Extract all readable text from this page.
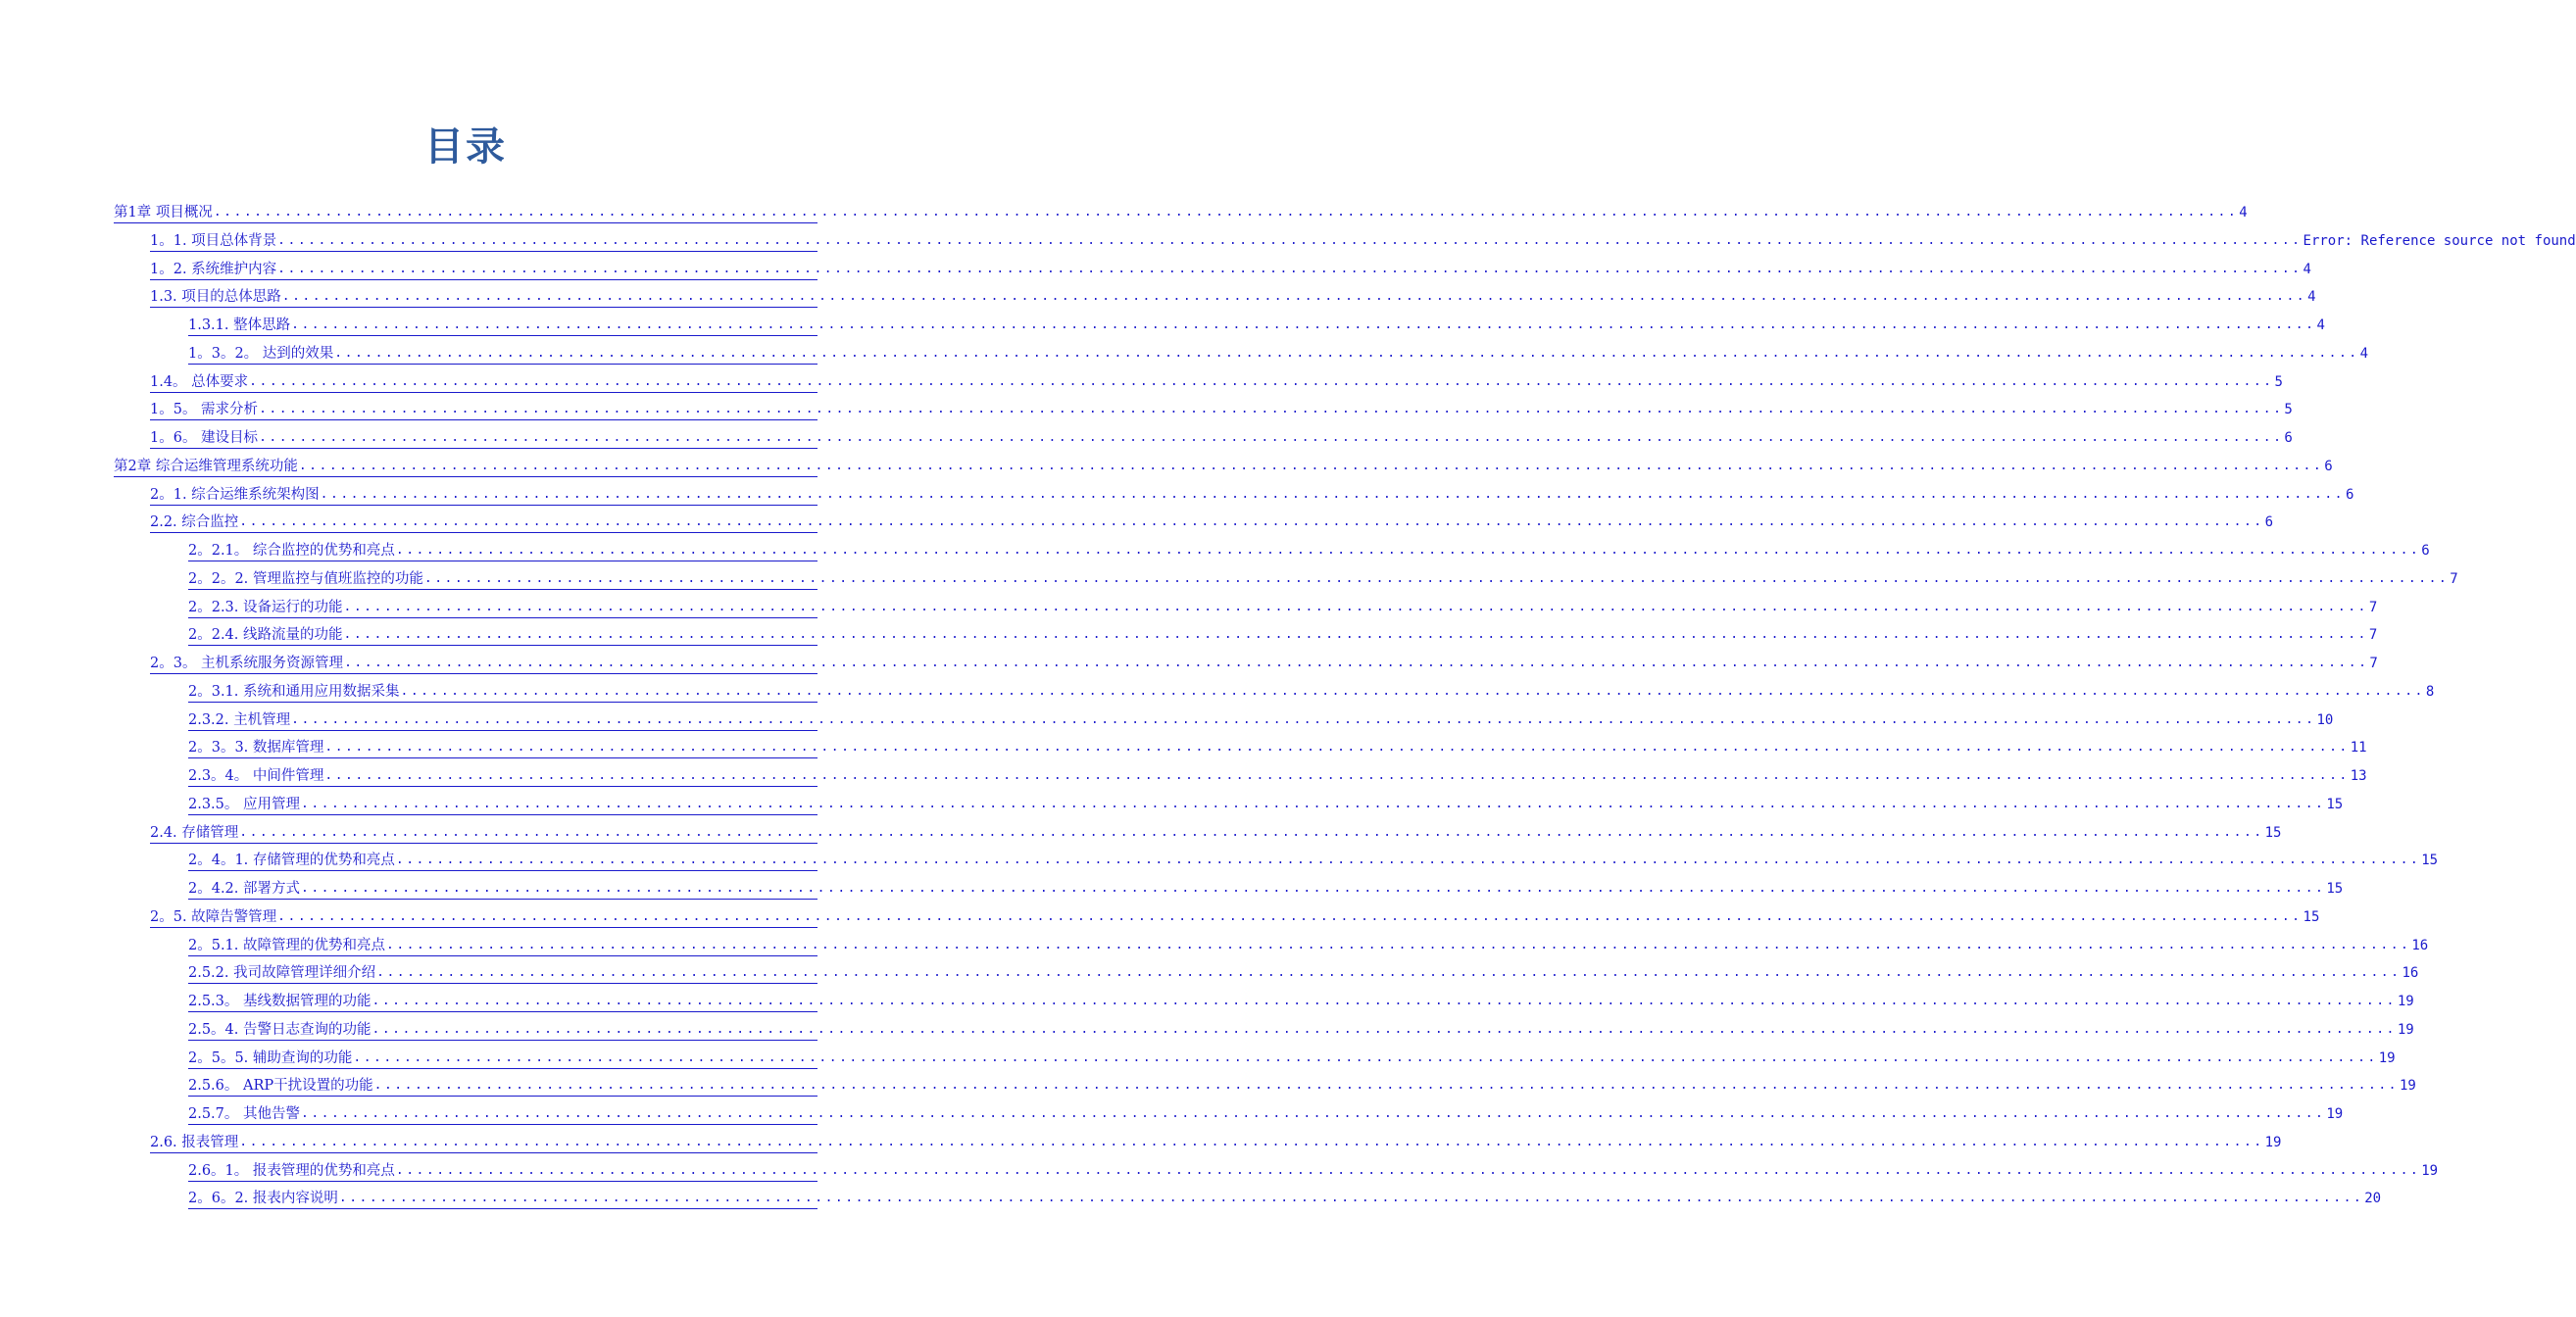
目录
第1章 项目概况 ........................................................................................................................................................................................................ 4
1。1. 项目总体背景 ........................................................................................................................................................................................................ Error: Reference source not found
1。2. 系统维护内容 ........................................................................................................................................................................................................ 4
1.3. 项目的总体思路 ........................................................................................................................................................................................................ 4
1.3.1. 整体思路 ........................................................................................................................................................................................................ 4
1。3。2。 达到的效果 ........................................................................................................................................................................................................ 4
1.4。 总体要求 ........................................................................................................................................................................................................ 5
1。5。 需求分析 ........................................................................................................................................................................................................ 5
1。6。 建设目标 ........................................................................................................................................................................................................ 6
第2章 综合运维管理系统功能 ........................................................................................................................................................................................................ 6
2。1. 综合运维系统架构图 ........................................................................................................................................................................................................ 6
2.2. 综合监控 ........................................................................................................................................................................................................ 6
2。2.1。 综合监控的优势和亮点 ........................................................................................................................................................................................................ 6
2。2。2. 管理监控与值班监控的功能 ........................................................................................................................................................................................................ 7
2。2.3. 设备运行的功能 ........................................................................................................................................................................................................ 7
2。2.4. 线路流量的功能 ........................................................................................................................................................................................................ 7
2。3。 主机系统服务资源管理 ........................................................................................................................................................................................................ 7
2。3.1. 系统和通用应用数据采集 ........................................................................................................................................................................................................ 8
2.3.2. 主机管理 ........................................................................................................................................................................................................ 10
2。3。3. 数据库管理 ........................................................................................................................................................................................................ 11
2.3。4。 中间件管理 ........................................................................................................................................................................................................ 13
2.3.5。 应用管理 ........................................................................................................................................................................................................ 15
2.4. 存储管理 ........................................................................................................................................................................................................ 15
2。4。1. 存储管理的优势和亮点 ........................................................................................................................................................................................................ 15
2。4.2. 部署方式 ........................................................................................................................................................................................................ 15
2。5. 故障告警管理 ........................................................................................................................................................................................................ 15
2。5.1. 故障管理的优势和亮点 ........................................................................................................................................................................................................ 16
2.5.2. 我司故障管理详细介绍 ........................................................................................................................................................................................................ 16
2.5.3。 基线数据管理的功能 ........................................................................................................................................................................................................ 19
2.5。4. 告警日志查询的功能 ........................................................................................................................................................................................................ 19
2。5。5. 辅助查询的功能 ........................................................................................................................................................................................................ 19
2.5.6。 ARP干扰设置的功能 ........................................................................................................................................................................................................ 19
2.5.7。 其他告警 ........................................................................................................................................................................................................ 19
2.6. 报表管理 ........................................................................................................................................................................................................ 19
2.6。1。 报表管理的优势和亮点 ........................................................................................................................................................................................................ 19
2。6。2. 报表内容说明 ........................................................................................................................................................................................................ 20
